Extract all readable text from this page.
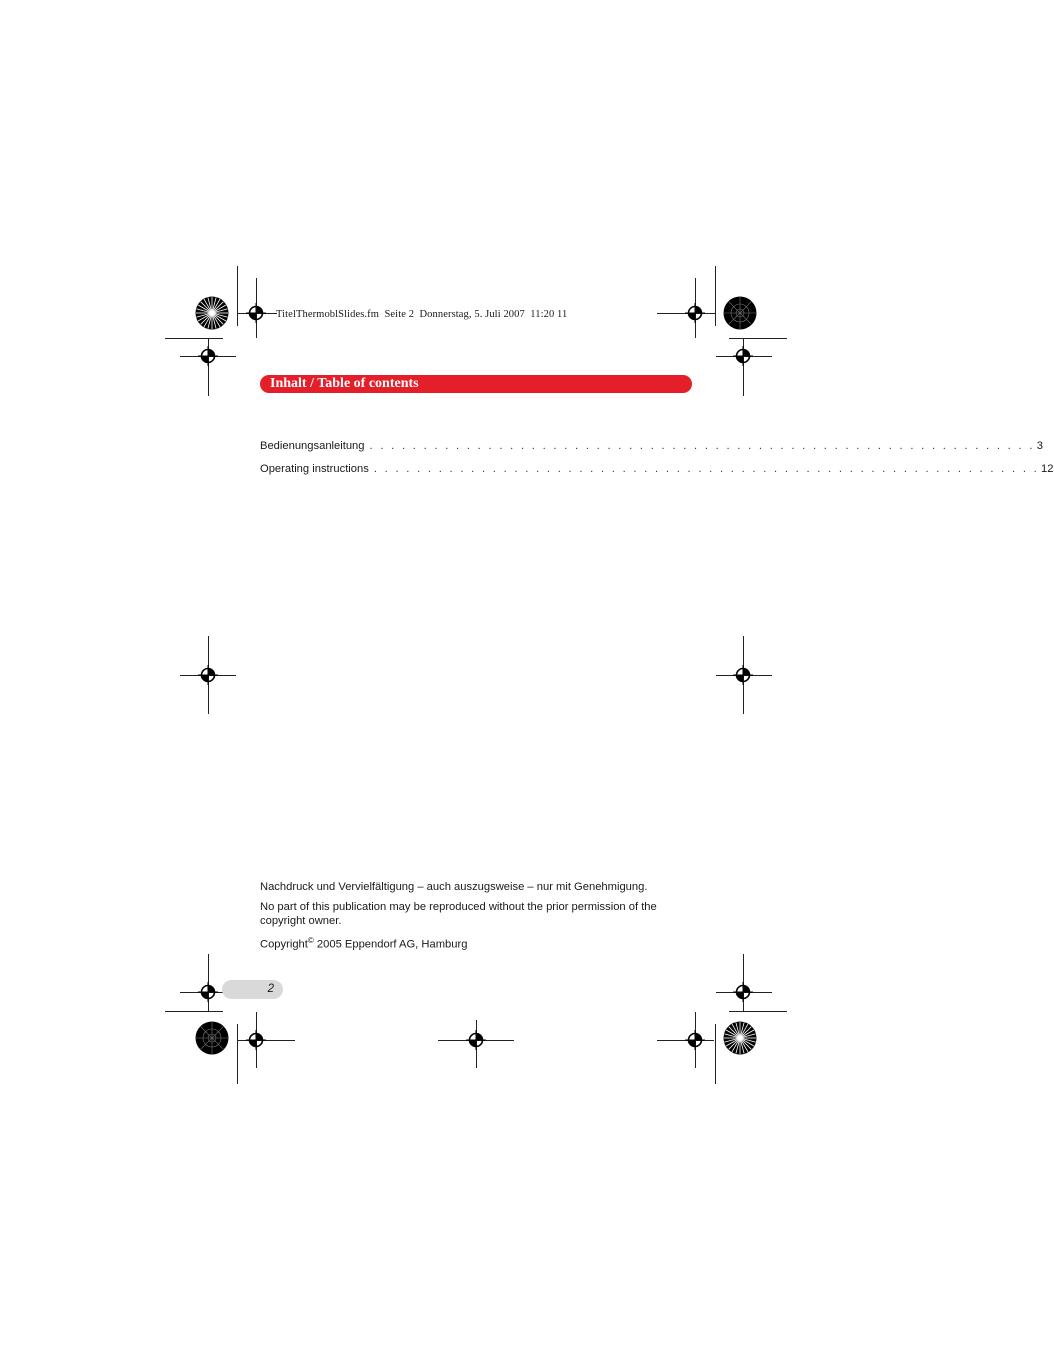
TitelThermoblSlides.fm  Seite 2  Donnerstag, 5. Juli 2007  11:20 11
Inhalt / Table of contents
Bedienungsanleitung . . . . . . . . . . . . . . . . . . . . . . . . . . . . . . . . . . . . . . . . . . . . . . . . . . . . . . . . . . . . . . 3
Operating instructions . . . . . . . . . . . . . . . . . . . . . . . . . . . . . . . . . . . . . . . . . . . . . . . . . . . . . . . . . . . . . . 12
Nachdruck und Vervielfältigung – auch auszugsweise – nur mit Genehmigung.
No part of this publication may be reproduced without the prior permission of the copyright owner.
Copyright© 2005 Eppendorf AG, Hamburg
2
